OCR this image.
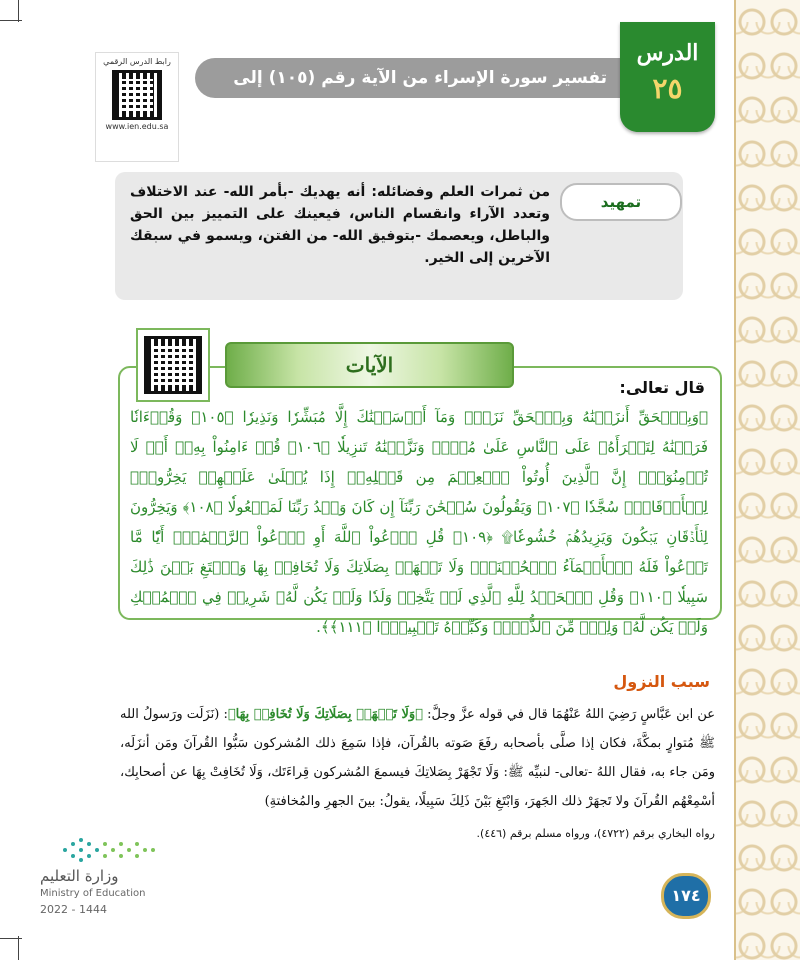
تفسير سورة الإسراء من الآية رقم (١٠٥) إلى الآية رقم (١١١)
الدرس
٢٥
رابط الدرس الرقمي
www.ien.edu.sa
تمهيد
من ثمرات العلم وفضائله: أنه يهديك -بأمر الله- عند الاختلاف وتعدد الآراء وانقسام الناس، فيعينك على التمييز بين الحق والباطل، ويعصمك -بتوفيق الله- من الفتن، ويسمو في سبقك الآخرين إلى الخير.
الآيات
قال تعالى:
﴿وَبِٱلۡحَقِّ أَنزَلۡنَٰهُ وَبِٱلۡحَقِّ نَزَلَۗ وَمَآ أَرۡسَلۡنَٰكَ إِلَّا مُبَشِّرٗا وَنَذِيرٗا ﴿١٠٥﴾ وَقُرۡءَانٗا فَرَقۡنَٰهُ لِتَقۡرَأَهُۥ عَلَى ٱلنَّاسِ عَلَىٰ مُكۡثٖ وَنَزَّلۡنَٰهُ تَنزِيلٗا ﴿١٠٦﴾ قُلۡ ءَامِنُواْ بِهِۦٓ أَوۡ لَا تُؤۡمِنُوٓاْۚ إِنَّ ٱلَّذِينَ أُوتُواْ ٱلۡعِلۡمَ مِن قَبۡلِهِۦٓ إِذَا يُتۡلَىٰ عَلَيۡهِمۡ يَخِرُّونَۤ لِلۡأَذۡقَانِۤ سُجَّدٗا ﴿١٠٧﴾ وَيَقُولُونَ سُبۡحَٰنَ رَبِّنَآ إِن كَانَ وَعۡدُ رَبِّنَا لَمَفۡعُولٗا ﴿١٠٨﴾ وَيَخِرُّونَ لِلۡأَذۡقَانِ يَبۡكُونَ وَيَزِيدُهُمۡ خُشُوعٗا۩ ﴿١٠٩﴾ قُلِ ٱدۡعُواْ ٱللَّهَ أَوِ ٱدۡعُواْ ٱلرَّحۡمَٰنَۖ أَيّٗا مَّا تَدۡعُواْ فَلَهُ ٱلۡأَسۡمَآءُ ٱلۡحُسۡنَىٰۚ وَلَا تَجۡهَرۡ بِصَلَاتِكَ وَلَا تُخَافِتۡ بِهَا وَٱبۡتَغِ بَيۡنَ ذَٰلِكَ سَبِيلٗا ﴿١١٠﴾ وَقُلِ ٱلۡحَمۡدُ لِلَّهِ ٱلَّذِي لَمۡ يَتَّخِذۡ وَلَدٗا وَلَمۡ يَكُن لَّهُۥ شَرِيكٞ فِي ٱلۡمُلۡكِ وَلَمۡ يَكُن لَّهُۥ وَلِيّٞ مِّنَ ٱلذُّلِّۖ وَكَبِّرۡهُ تَكۡبِيرَۢا ﴿١١١﴾﴾.
سبب النزول
عن ابن عَبَّاسٍ رَضِيَ اللهُ عَنْهُمَا قال في قوله عزَّ وجلَّ: ﴿وَلَا تَجۡهَرۡ بِصَلَاتِكَ وَلَا تُخَافِتۡ بِهَا﴾: (نَزَلَت ورَسولُ الله ﷺ مُتوارٍ بمكَّةَ، فكان إذا صلَّى بأصحابه رفَعَ صَوته بالقُرآن، فإذا سَمِعَ ذلك المُشركون سَبُّوا القُرآنَ ومَن أنزَلَه، ومَن جاء به، فقال اللهُ -تعالى- لنبيِّه ﷺ: وَلَا تَجْهَرْ بِصَلاتِكَ فيسمعَ المُشركون قِراءَتَك، وَلَا تُخَافِتْ بِهَا عن أصحابِك، أسْمِعْهُم القُرآنَ ولا تَجهَرْ ذلك الجَهرَ، وَابْتَغِ بَيْنَ ذَلِكَ سَبِيلًا، يقولُ: بينَ الجهرِ والمُخافتةِ)
رواه البخاري برقم (٤٧٢٢)، ورواه مسلم برقم (٤٤٦).
وزارة التعليم
Ministry of Education
2022 - 1444
١٧٤
